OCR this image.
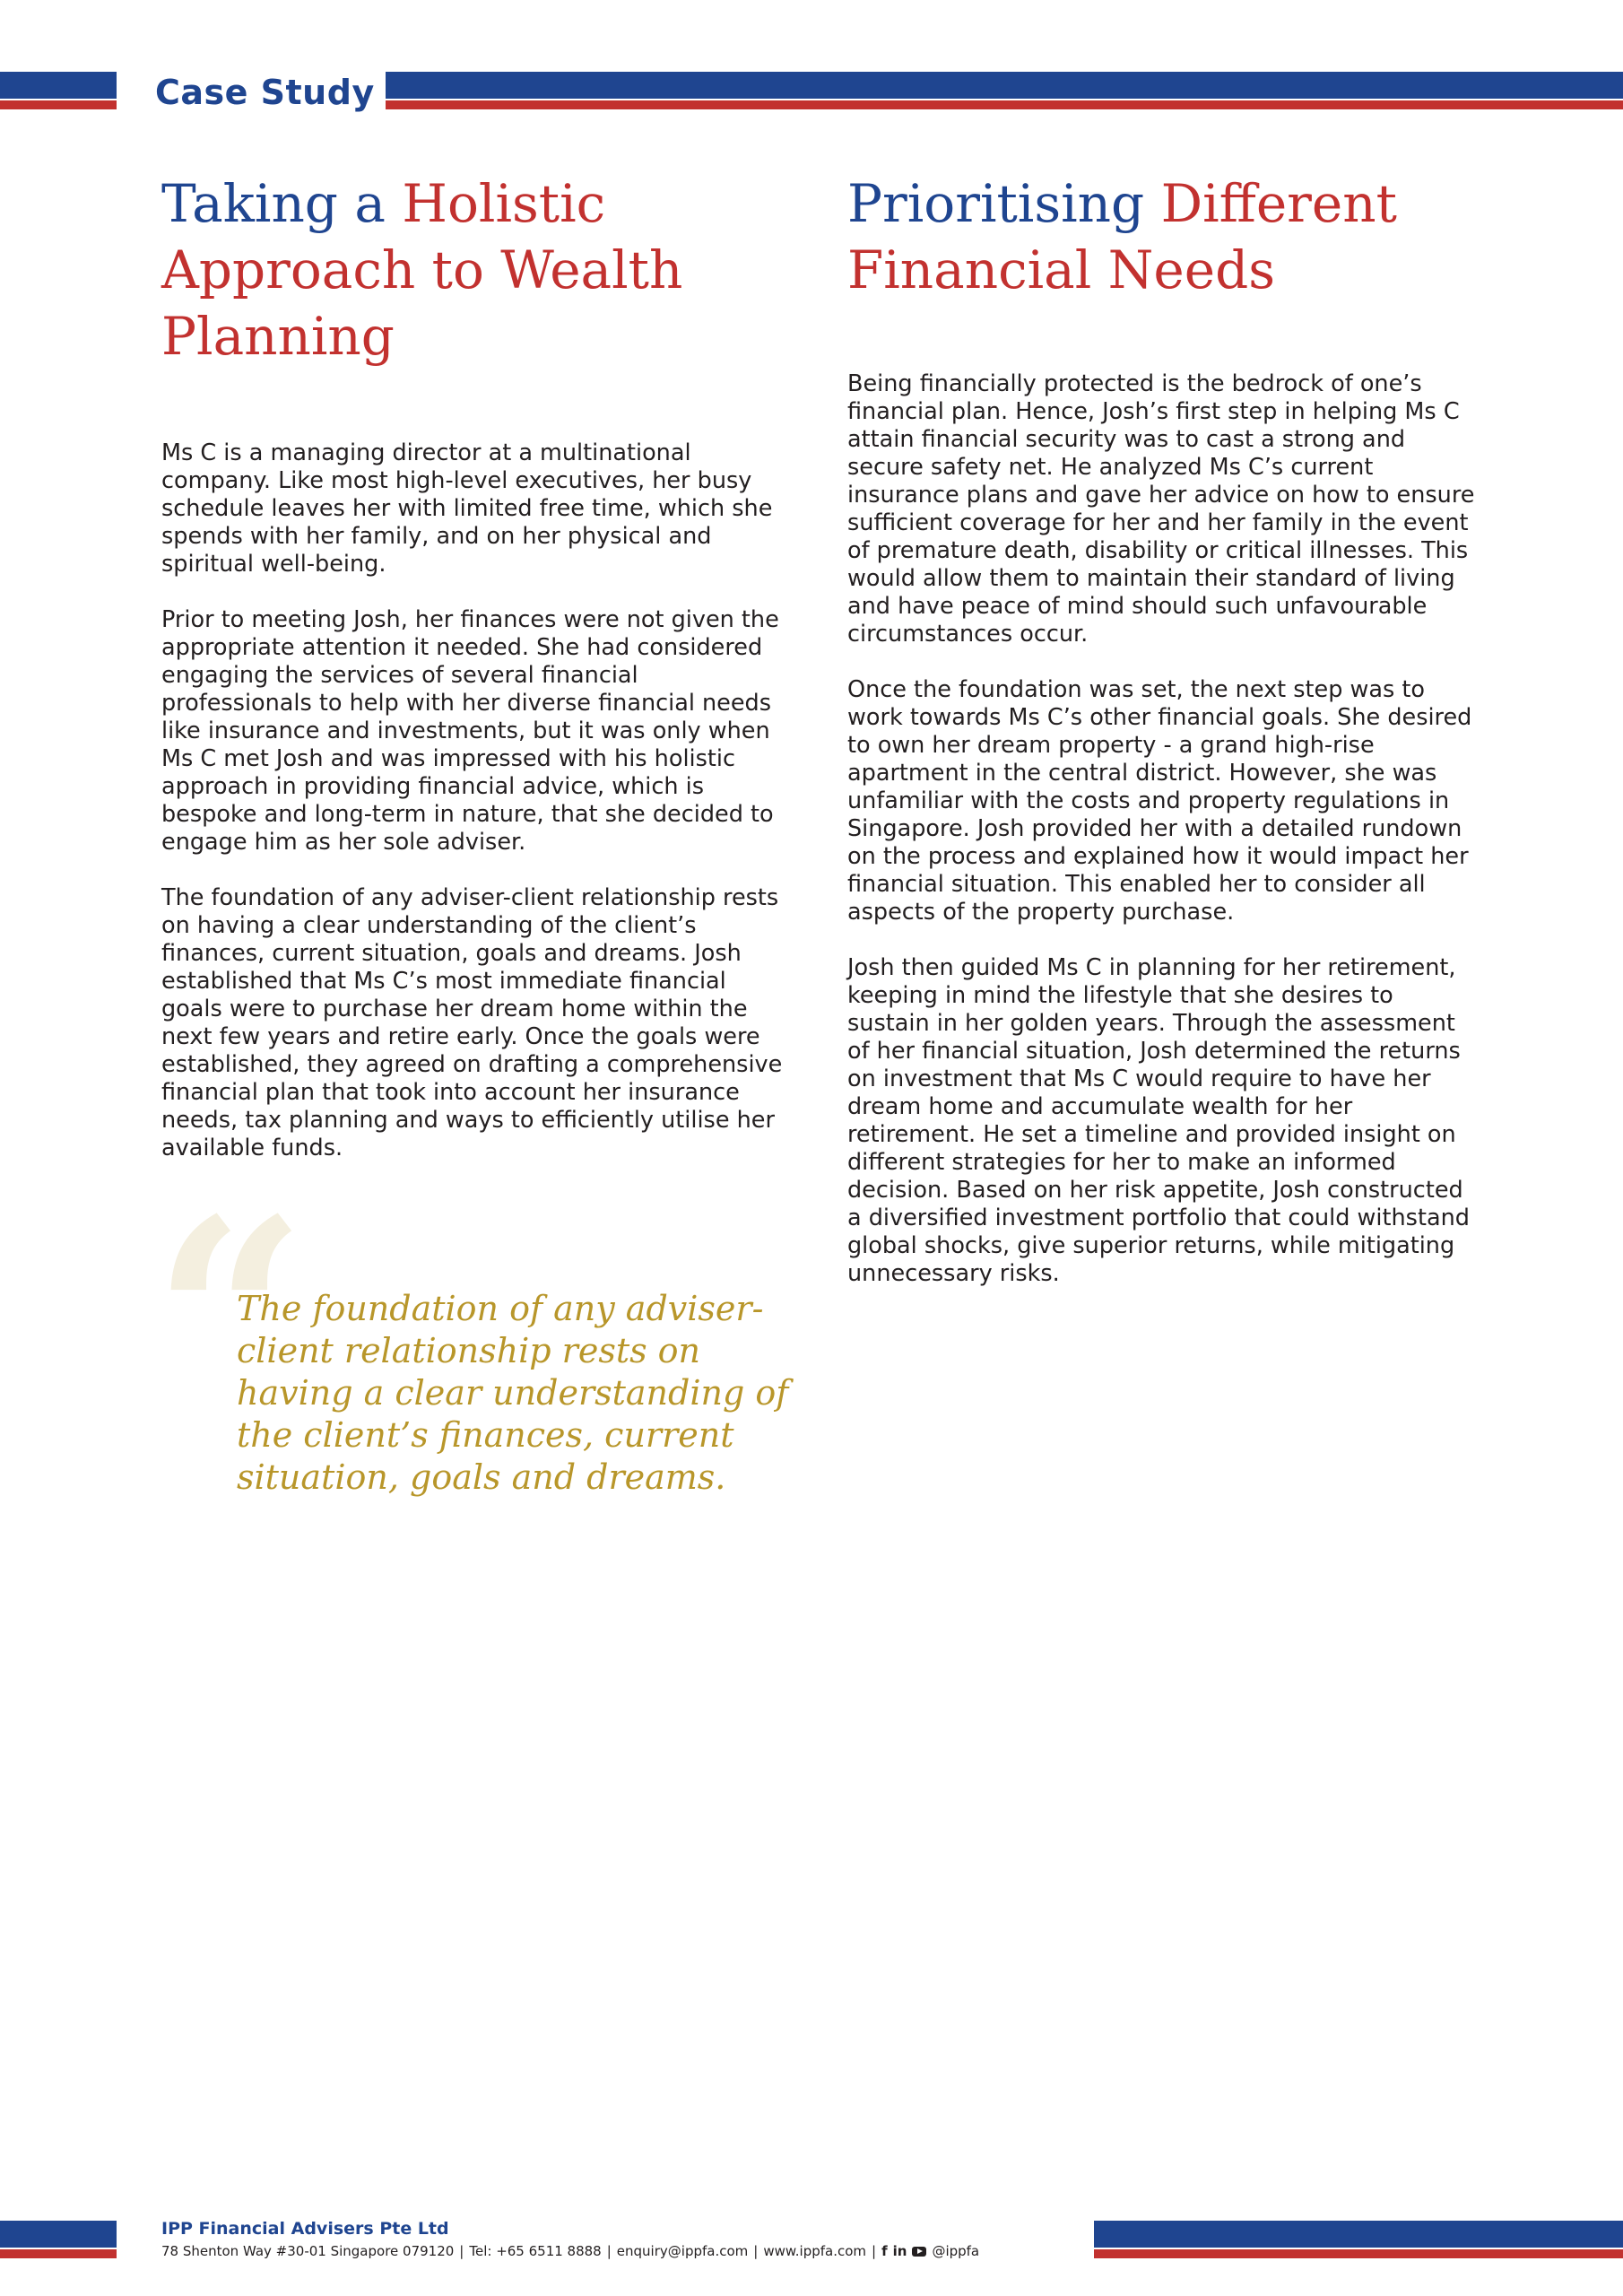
Case Study
Taking a Holistic Approach to Wealth Planning

Ms C is a managing director at a multinational company. Like most high-level executives, her busy schedule leaves her with limited free time, which she spends with her family, and on her physical and spiritual well-being.

Prior to meeting Josh, her finances were not given the appropriate attention it needed. She had considered engaging the services of several financial professionals to help with her diverse financial needs like insurance and investments, but it was only when Ms C met Josh and was impressed with his holistic approach in providing financial advice, which is bespoke and long-term in nature, that she decided to engage him as her sole adviser.

The foundation of any adviser-client relationship rests on having a clear understanding of the client’s finances, current situation, goals and dreams. Josh established that Ms C’s most immediate financial goals were to purchase her dream home within the next few years and retire early. Once the goals were established, they agreed on drafting a comprehensive financial plan that took into account her insurance needs, tax planning and ways to efficiently utilise her available funds.

“
The foundation of any adviser-client relationship rests on having a clear understanding of the client’s finances, current situation, goals and dreams.
Prioritising Different Financial Needs

Being financially protected is the bedrock of one’s financial plan. Hence, Josh’s first step in helping Ms C attain financial security was to cast a strong and secure safety net. He analyzed Ms C’s current insurance plans and gave her advice on how to ensure sufficient coverage for her and her family in the event of premature death, disability or critical illnesses. This would allow them to maintain their standard of living and have peace of mind should such unfavourable circumstances occur.

Once the foundation was set, the next step was to work towards Ms C’s other financial goals. She desired to own her dream property - a grand high-rise apartment in the central district. However, she was unfamiliar with the costs and property regulations in Singapore. Josh provided her with a detailed rundown on the process and explained how it would impact her financial situation. This enabled her to consider all aspects of the property purchase.

Josh then guided Ms C in planning for her retirement, keeping in mind the lifestyle that she desires to sustain in her golden years. Through the assessment of her financial situation, Josh determined the returns on investment that Ms C would require to have her dream home and accumulate wealth for her retirement. He set a timeline and provided insight on different strategies for her to make an informed decision. Based on her risk appetite, Josh constructed a diversified investment portfolio that could withstand global shocks, give superior returns, while mitigating unnecessary risks.

IPP Financial Advisers Pte Ltd
78 Shenton Way #30-01 Singapore 079120 | Tel: +65 6511 8888 | enquiry@ippfa.com | www.ippfa.com | f in @ippfa
